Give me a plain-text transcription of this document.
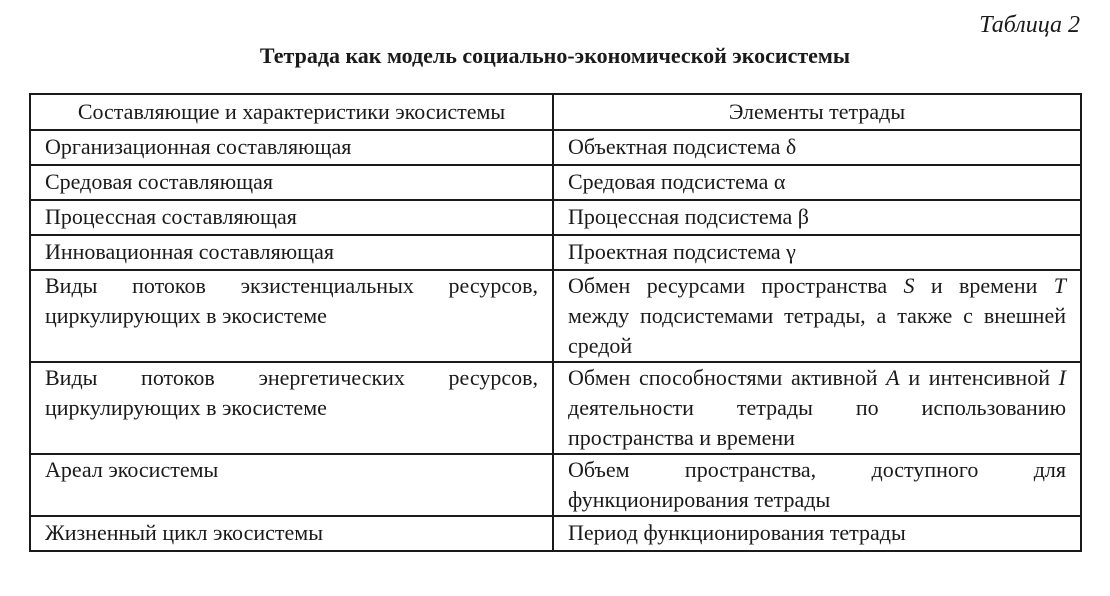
Таблица 2
Тетрада как модель социально-экономической экосистемы
Составляющие и характеристики экосистемы	Элементы тетрады
Организационная составляющая	Объектная подсистема δ
Средовая составляющая	Средовая подсистема α
Процессная составляющая	Процессная подсистема β
Инновационная составляющая	Проектная подсистема γ
Виды потоков экзистенциальных ресурсов, циркулирующих в экосистеме	Обмен ресурсами пространства S и времени T между подсистемами тетрады, а также с внешней средой
Виды потоков энергетических ресурсов, циркулирующих в экосистеме	Обмен способностями активной A и интенсивной I деятельности тетрады по использованию пространства и времени
Ареал экосистемы	Объем пространства, доступного для функционирования тетрады
Жизненный цикл экосистемы	Период функционирования тетрады
